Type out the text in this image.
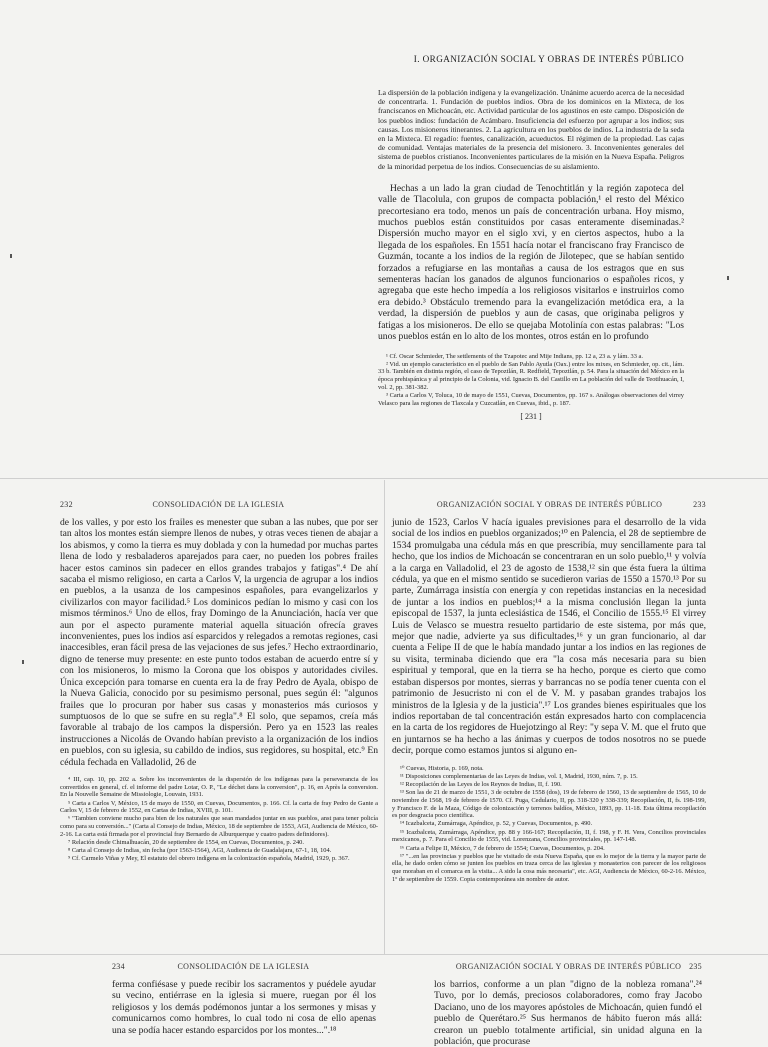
I. ORGANIZACIÓN SOCIAL Y OBRAS DE INTERÉS PÚBLICO
La dispersión de la población indígena y la evangelización. Unánime acuerdo acerca de la necesidad de concentrarla. 1. Fundación de pueblos indios. Obra de los dominicos en la Mixteca, de los franciscanos en Michoacán, etc. Actividad particular de los agustinos en este campo. Disposición de los pueblos indios: fundación de Acámbaro. Insuficiencia del esfuerzo por agrupar a los indios; sus causas. Los misioneros itinerantes. 2. La agricultura en los pueblos de indios. La industria de la seda en la Mixteca. El regadío: fuentes, canalización, acueductos. El régimen de la propiedad. Las cajas de comunidad. Ventajas materiales de la presencia del misionero. 3. Inconvenientes generales del sistema de pueblos cristianos. Inconvenientes particulares de la misión en la Nueva España. Peligros de la minoridad perpetua de los indios. Consecuencias de su aislamiento.

Hechas a un lado la gran ciudad de Tenochtitlán y la región zapoteca del valle de Tlacolula, con grupos de compacta población,¹ el resto del México precortesiano era todo, menos un país de concentración urbana. Hoy mismo, muchos pueblos están constituidos por casas enteramente diseminadas.² Dispersión mucho mayor en el siglo xvi, y en ciertos aspectos, hubo a la llegada de los españoles. En 1551 hacía notar el franciscano fray Francisco de Guzmán, tocante a los indios de la región de Jilotepec, que se habían sentido forzados a refugiarse en las montañas a causa de los estragos que en sus sementeras hacían los ganados de algunos funcionarios o españoles ricos, y agregaba que este hecho impedía a los religiosos visitarlos e instruirlos como era debido.³ Obstáculo tremendo para la evangelización metódica era, a la verdad, la dispersión de pueblos y aun de casas, que originaba peligros y fatigas a los misioneros. De ello se quejaba Motolinía con estas palabras: "Los unos pueblos están en lo alto de los montes, otros están en lo profundo

¹ Cf. Oscar Schmieder, The settlements of the Tzapotec and Mije Indians, pp. 12 a, 23 a. y lám. 33 a.

² Vid. un ejemplo característico en el pueblo de San Pablo Ayutla (Oax.) entre los mixes, en Schmieder, op. cit., lám. 33 b. También en distinta región, el caso de Tepoztlán, R. Redfield, Tepoztlán, p. 54. Para la situación del México en la época prehispánica y al principio de la Colonia, vid. Ignacio B. del Castillo en La población del valle de Teotihuacán, I, vol. 2, pp. 381-382.

³ Carta a Carlos V, Toluca, 10 de mayo de 1551, Cuevas, Documentos, pp. 167 s. Análogas observaciones del virrey Velasco para las regiones de Tlaxcala y Cuzcatlán, en Cuevas, ibid., p. 187.

[ 231 ]
232	CONSOLIDACIÓN DE LA IGLESIA

de los valles, y por esto los frailes es menester que suban a las nubes, que por ser tan altos los montes están siempre llenos de nubes, y otras veces tienen de abajar a los abismos, y como la tierra es muy doblada y con la humedad por muchas partes llena de lodo y resbaladeros aparejados para caer, no pueden los pobres frailes hacer estos caminos sin padecer en ellos grandes trabajos y fatigas".⁴ De ahí sacaba el mismo religioso, en carta a Carlos V, la urgencia de agrupar a los indios en pueblos, a la usanza de los campesinos españoles, para evangelizarlos y civilizarlos con mayor facilidad.⁵ Los dominicos pedían lo mismo y casi con los mismos términos.⁶ Uno de ellos, fray Domingo de la Anunciación, hacía ver que aun por el aspecto puramente material aquella situación ofrecía graves inconvenientes, pues los indios así esparcidos y relegados a remotas regiones, casi inaccesibles, eran fácil presa de las vejaciones de sus jefes.⁷ Hecho extraordinario, digno de tenerse muy presente: en este punto todos estaban de acuerdo entre sí y con los misioneros, lo mismo la Corona que los obispos y autoridades civiles. Única excepción para tomarse en cuenta era la de fray Pedro de Ayala, obispo de la Nueva Galicia, conocido por su pesimismo personal, pues según él: "algunos frailes que lo procuran por haber sus casas y monasterios más curiosos y sumptuosos de lo que se sufre en su regla".⁸ El solo, que sepamos, creía más favorable al trabajo de los campos la dispersión. Pero ya en 1523 las reales instrucciones a Nicolás de Ovando habían previsto a la organización de los indios en pueblos, con su iglesia, su cabildo de indios, sus regidores, su hospital, etc.⁹ En cédula fechada en Valladolid, 26 de

⁴ III, cap. 10, pp. 202 a. Sobre los inconvenientes de la dispersión de los indígenas para la perseverancia de los convertidos en general, cf. el informe del padre Lotar, O. P., "Le déchet dans la conversion", p. 16, en Après la conversion. En la Nouvelle Semaine de Missiologie, Louvain, 1931.

⁵ Carta a Carlos V, México, 15 de mayo de 1550, en Cuevas, Documentos, p. 166. Cf. la carta de fray Pedro de Gante a Carlos V, 15 de febrero de 1552, en Cartas de Indias, XVIII, p. 101.

⁶ "Tambien conviene mucho para bien de los naturales que sean mandados juntar en sus pueblos, anst para tener policía como para su conversión..." (Carta al Consejo de Indias, México, 18 de septiembre de 1553, AGI, Audiencia de México, 60-2-16. La carta está firmada por el provincial fray Bernardo de Alburquerque y cuatro padres definidores).

⁷ Relación desde Chimalhuacán, 20 de septiembre de 1554, en Cuevas, Documentos, p. 240.

⁸ Carta al Consejo de Indias, sin fecha (por 1563-1564), AGI, Audiencia de Guadalajara, 67-1, 18, 104.

⁹ Cf. Carmelo Viñas y Mey, El estatuto del obrero indígena en la colonización española, Madrid, 1929, p. 367.

ORGANIZACIÓN SOCIAL Y OBRAS DE INTERÉS PÚBLICO	233

junio de 1523, Carlos V hacía iguales previsiones para el desarrollo de la vida social de los indios en pueblos organizados;¹⁰ en Palencia, el 28 de septiembre de 1534 promulgaba una cédula más en que prescribía, muy sencillamente para tal hecho, que los indios de Michoacán se concentraran en un solo pueblo,¹¹ y volvía a la carga en Valladolid, el 23 de agosto de 1538,¹² sin que ésta fuera la última cédula, ya que en el mismo sentido se sucedieron varias de 1550 a 1570.¹³ Por su parte, Zumárraga insistía con energía y con repetidas instancias en la necesidad de juntar a los indios en pueblos;¹⁴ a la misma conclusión llegan la junta episcopal de 1537, la junta eclesiástica de 1546, el Concilio de 1555.¹⁵ El virrey Luis de Velasco se muestra resuelto partidario de este sistema, por más que, mejor que nadie, advierte ya sus dificultades,¹⁶ y un gran funcionario, al dar cuenta a Felipe II de que le había mandado juntar a los indios en las regiones de su visita, terminaba diciendo que era "la cosa más necesaria para su bien espiritual y temporal, que en la tierra se ha hecho, porque es cierto que como estaban dispersos por montes, sierras y barrancas no se podía tener cuenta con el patrimonio de Jesucristo ni con el de V. M. y pasaban grandes trabajos los ministros de la Iglesia y de la justicia".¹⁷ Los grandes bienes espirituales que los indios reportaban de tal concentración están expresados harto con complacencia en la carta de los regidores de Huejotzingo al Rey: "y sepa V. M. que el fruto que en juntarnos se ha hecho a las ánimas y cuerpos de todos nosotros no se puede decir, porque como estamos juntos si alguno en-

¹⁰ Cuevas, Historia, p. 169, nota.

¹¹ Disposiciones complementarias de las Leyes de Indias, vol. I, Madrid, 1930, núm. 7, p. 15.

¹² Recopilación de las Leyes de los Reynos de Indias, II, f. 190.

¹³ Son las de 21 de marzo de 1551, 3 de octubre de 1558 (dos), 19 de febrero de 1560, 13 de septiembre de 1565, 10 de noviembre de 1568, 19 de febrero de 1570. Cf. Puga, Cedulario, II, pp. 318-320 y 338-339; Recopilación, II, fs. 198-199, y Francisco F. de la Maza, Código de colonización y terrenos baldíos, México, 1893, pp. 11-18. Esta última recopilación es por desgracia poco científica.

¹⁴ Icazbalceta, Zumárraga, Apéndice, p. 52, y Cuevas, Documentos, p. 490.

¹⁵ Icazbalceta, Zumárraga, Apéndice, pp. 88 y 166-167; Recopilación, II, f. 198, y F. H. Vera, Concilios provinciales mexicanos, p. 7. Para el Concilio de 1555, vid. Lorenzana, Concilios provinciales, pp. 147-148.

¹⁶ Carta a Felipe II, México, 7 de febrero de 1554; Cuevas, Documentos, p. 204.

¹⁷ "...en las provincias y pueblos que he visitado de esta Nueva España, que es lo mejor de la tierra y la mayor parte de ella, he dado orden cómo se junten los pueblos en traza cerca de las iglesias y monasterios con parecer de los religiosos que moraban en el comarca en la visita... A sido la cosa más necesaria", etc. AGI, Audiencia de México, 60-2-16. México, 1º de septiembre de 1559. Copia contemporánea sin nombre de autor.

234	CONSOLIDACIÓN DE LA IGLESIA

ferma confiésase y puede recibir los sacramentos y puédele ayudar su vecino, entiérrase en la iglesia si muere, ruegan por él los religiosos y los demás podémonos juntar a los sermones y misas y comunicarnos como hombres, lo cual todo ni cosa de ello apenas una se podía hacer estando esparcidos por los montes...".¹⁸

ORGANIZACIÓN SOCIAL Y OBRAS DE INTERÉS PÚBLICO 235

los barrios, conforme a un plan "digno de la nobleza romana".²⁴ Tuvo, por lo demás, preciosos colaboradores, como fray Jacobo Daciano, uno de los mayores apóstoles de Michoacán, quien fundó el pueblo de Querétaro.²⁵ Sus hermanos de hábito fueron más allá: crearon un pueblo totalmente artificial, sin unidad alguna en la población, que procurase
